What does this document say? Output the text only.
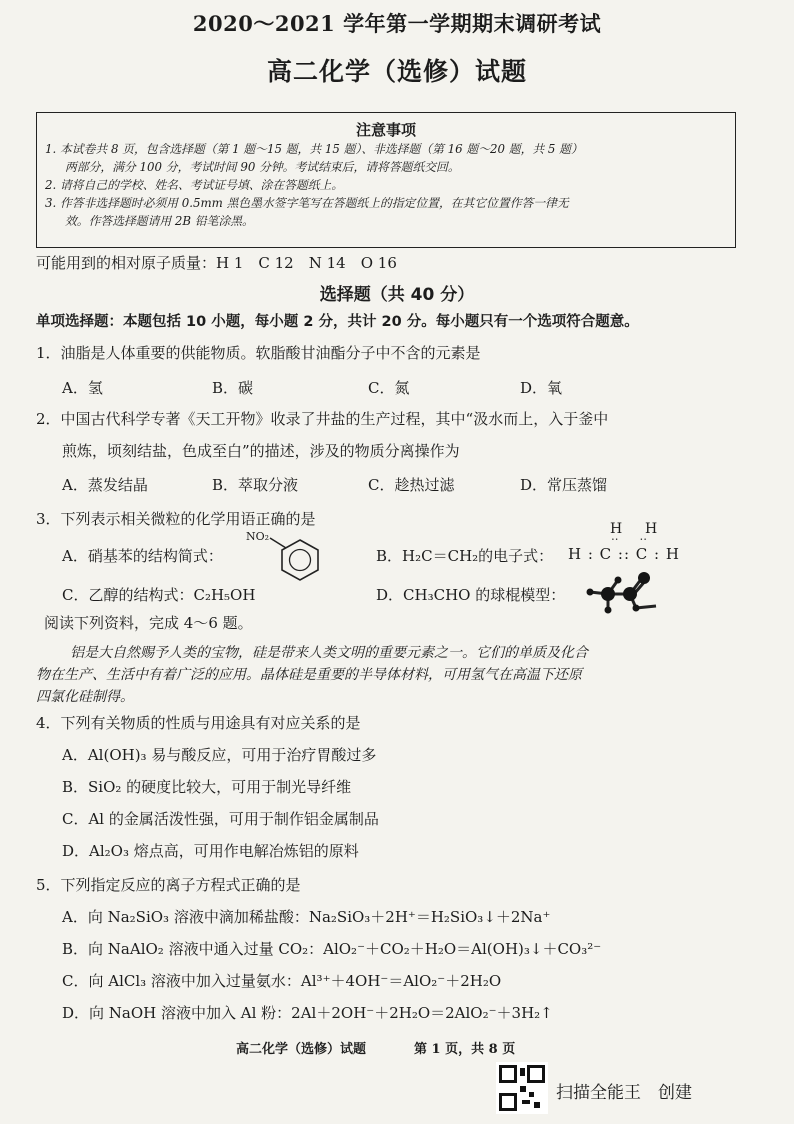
2020～2021 学年第一学期期末调研考试
高二化学（选修）试题
注意事项
1. 本试卷共 8 页，包含选择题（第 1 题～15 题，共 15 题）、非选择题（第 16 题～20 题，共 5 题）
两部分，满分 100 分，考试时间 90 分钟。考试结束后，请将答题纸交回。
2. 请将自己的学校、姓名、考试证号填、涂在答题纸上。
3. 作答非选择题时必须用 0.5mm 黑色墨水签字笔写在答题纸上的指定位置，在其它位置作答一律无
效。作答选择题请用 2B 铅笔涂黑。
可能用到的相对原子质量：H 1　C 12　N 14　O 16
选择题（共 40 分）
单项选择题：本题包括 10 小题，每小题 2 分，共计 20 分。每小题只有一个选项符合题意。
1．油脂是人体重要的供能物质。软脂酸甘油酯分子中不含的元素是
A．氢	B．碳	C．氮	D．氧
2．中国古代科学专著《天工开物》收录了井盐的生产过程，其中“汲水而上，入于釜中
煎炼，顷刻结盐，色成至白”的描述，涉及的物质分离操作为
A．蒸发结晶	B．萃取分液	C．趁热过滤	D．常压蒸馏
3．下列表示相关微粒的化学用语正确的是
A．硝基苯的结构简式：
NO₂
B．H₂C＝CH₂的电子式：
H H
⋅⋅      ⋅⋅
H : C :: C : H
C．乙醇的结构式：C₂H₅OH	D．CH₃CHO 的球棍模型：
阅读下列资料，完成 4～6 题。
铝是大自然赐予人类的宝物，硅是带来人类文明的重要元素之一。它们的单质及化合
物在生产、生活中有着广泛的应用。晶体硅是重要的半导体材料，可用氢气在高温下还原
四氯化硅制得。
4．下列有关物质的性质与用途具有对应关系的是
A．Al(OH)₃ 易与酸反应，可用于治疗胃酸过多
B．SiO₂ 的硬度比较大，可用于制光导纤维
C．Al 的金属活泼性强，可用于制作铝金属制品
D．Al₂O₃ 熔点高，可用作电解冶炼铝的原料
5．下列指定反应的离子方程式正确的是
A．向 Na₂SiO₃ 溶液中滴加稀盐酸：Na₂SiO₃＋2H⁺＝H₂SiO₃↓＋2Na⁺
B．向 NaAlO₂ 溶液中通入过量 CO₂：AlO₂⁻＋CO₂＋H₂O＝Al(OH)₃↓＋CO₃²⁻
C．向 AlCl₃ 溶液中加入过量氨水：Al³⁺＋4OH⁻＝AlO₂⁻＋2H₂O
D．向 NaOH 溶液中加入 Al 粉：2Al＋2OH⁻＋2H₂O＝2AlO₂⁻＋3H₂↑
高二化学（选修）试题	第 1 页，共 8 页
扫描全能王　创建
